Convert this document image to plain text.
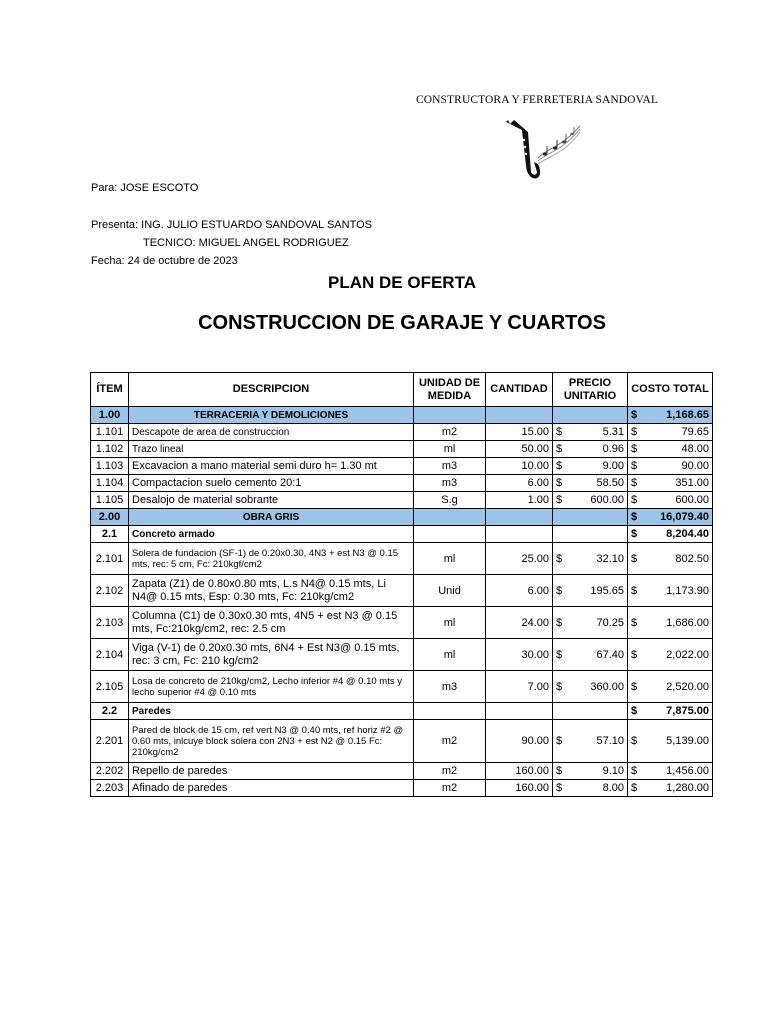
CONSTRUCTORA Y FERRETERIA SANDOVAL
Para: JOSE ESCOTO
Presenta: ING. JULIO ESTUARDO SANDOVAL SANTOS
TECNICO: MIGUEL ANGEL RODRIGUEZ
Fecha: 24 de octubre de 2023
PLAN DE OFERTA
CONSTRUCCION DE GARAJE Y CUARTOS
ÍTEM	DESCRIPCION	UNIDAD DE MEDIDA	CANTIDAD	PRECIO UNITARIO	COSTO TOTAL
1.00	TERRACERIA Y DEMOLICIONES				$ 1,168.65

1.101	Descapote de area de construccion	m2	15.00	$ 5.31	$ 79.65

1.102	Trazo lineal	ml	50.00	$ 0.96	$ 48.00

1.103	Excavacion a mano material semi duro h= 1.30 mt	m3	10.00	$ 9.00	$ 90.00

1.104	Compactacion suelo cemento 20:1	m3	6.00	$ 58.50	$ 351.00

1.105	Desalojo de material sobrante	S.g	1.00	$ 600.00	$ 600.00

2.00	OBRA GRIS				$ 16,079.40

2.1	Concreto armado				$ 8,204.40

2.101	Solera de fundacion (SF-1) de 0.20x0.30, 4N3 + est N3 @ 0.15 mts, rec: 5 cm, Fc: 210kgf/cm2	ml	25.00	$ 32.10	$ 802.50

2.102	Zapata (Z1) de 0.80x0.80 mts, L.s N4@ 0.15 mts, Li N4@ 0.15 mts, Esp: 0.30 mts, Fc: 210kg/cm2	Unid	6.00	$ 195.65	$ 1,173.90

2.103	Columna (C1) de 0.30x0.30 mts, 4N5 + est N3 @ 0.15 mts, Fc:210kg/cm2, rec: 2.5 cm	ml	24.00	$ 70.25	$ 1,686.00

2.104	Viga (V-1) de 0.20x0.30 mts, 6N4 + Est N3@ 0.15 mts, rec: 3 cm, Fc: 210 kg/cm2	ml	30.00	$ 67.40	$ 2,022.00

2.105	Losa de concreto de 210kg/cm2, Lecho inferior #4 @ 0.10 mts y lecho superior #4 @ 0.10 mts	m3	7.00	$ 360.00	$ 2,520.00

2.2	Paredes				$ 7,875.00

2.201	Pared de block de 15 cm, ref vert N3 @ 0.40 mts, ref horiz #2 @ 0.60 mts, inlcuye block solera con 2N3 + est N2 @ 0.15 Fc: 210kg/cm2	m2	90.00	$ 57.10	$ 5,139.00

2.202	Repello de paredes	m2	160.00	$ 9.10	$ 1,456.00

2.203	Afinado de paredes	m2	160.00	$ 8.00	$ 1,280.00
